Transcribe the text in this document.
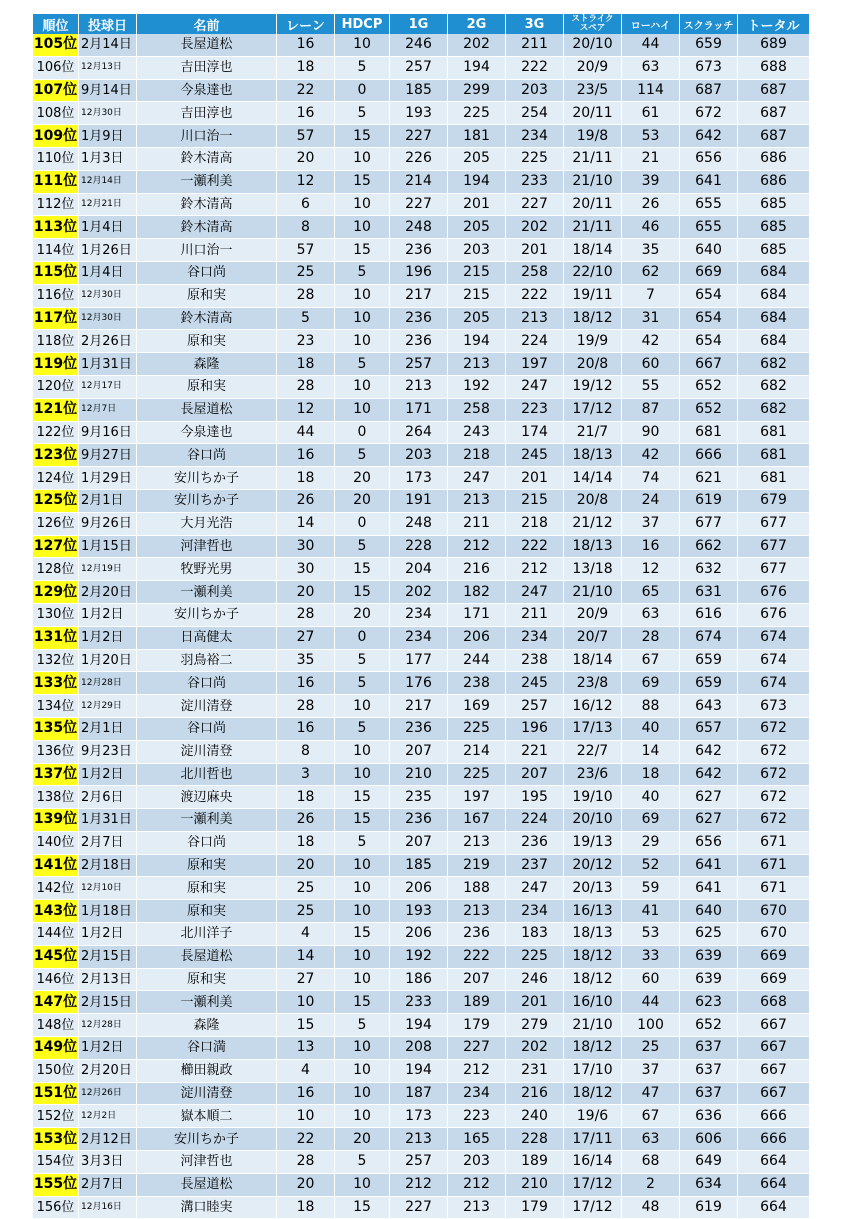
順位	投球日	名前	レーン	HDCP	1G	2G	3G	ストライク
スペア	ローハイ	スクラッチ	トータル
105位	2月14日	長屋道松	16	10	246	202	211	20/10	44	659	689
106位	12月13日	吉田淳也	18	5	257	194	222	20/9	63	673	688
107位	9月14日	今泉達也	22	0	185	299	203	23/5	114	687	687
108位	12月30日	吉田淳也	16	5	193	225	254	20/11	61	672	687
109位	1月9日	川口治一	57	15	227	181	234	19/8	53	642	687
110位	1月3日	鈴木清高	20	10	226	205	225	21/11	21	656	686
111位	12月14日	一瀬利美	12	15	214	194	233	21/10	39	641	686
112位	12月21日	鈴木清高	6	10	227	201	227	20/11	26	655	685
113位	1月4日	鈴木清高	8	10	248	205	202	21/11	46	655	685
114位	1月26日	川口治一	57	15	236	203	201	18/14	35	640	685
115位	1月4日	谷口尚	25	5	196	215	258	22/10	62	669	684
116位	12月30日	原和実	28	10	217	215	222	19/11	7	654	684
117位	12月30日	鈴木清高	5	10	236	205	213	18/12	31	654	684
118位	2月26日	原和実	23	10	236	194	224	19/9	42	654	684
119位	1月31日	森隆	18	5	257	213	197	20/8	60	667	682
120位	12月17日	原和実	28	10	213	192	247	19/12	55	652	682
121位	12月7日	長屋道松	12	10	171	258	223	17/12	87	652	682
122位	9月16日	今泉達也	44	0	264	243	174	21/7	90	681	681
123位	9月27日	谷口尚	16	5	203	218	245	18/13	42	666	681
124位	1月29日	安川ちか子	18	20	173	247	201	14/14	74	621	681
125位	2月1日	安川ちか子	26	20	191	213	215	20/8	24	619	679
126位	9月26日	大月光浩	14	0	248	211	218	21/12	37	677	677
127位	1月15日	河津哲也	30	5	228	212	222	18/13	16	662	677
128位	12月19日	牧野光男	30	15	204	216	212	13/18	12	632	677
129位	2月20日	一瀬利美	20	15	202	182	247	21/10	65	631	676
130位	1月2日	安川ちか子	28	20	234	171	211	20/9	63	616	676
131位	1月2日	日高健太	27	0	234	206	234	20/7	28	674	674
132位	1月20日	羽鳥裕二	35	5	177	244	238	18/14	67	659	674
133位	12月28日	谷口尚	16	5	176	238	245	23/8	69	659	674
134位	12月29日	淀川清登	28	10	217	169	257	16/12	88	643	673
135位	2月1日	谷口尚	16	5	236	225	196	17/13	40	657	672
136位	9月23日	淀川清登	8	10	207	214	221	22/7	14	642	672
137位	1月2日	北川哲也	3	10	210	225	207	23/6	18	642	672
138位	2月6日	渡辺麻央	18	15	235	197	195	19/10	40	627	672
139位	1月31日	一瀬利美	26	15	236	167	224	20/10	69	627	672
140位	2月7日	谷口尚	18	5	207	213	236	19/13	29	656	671
141位	2月18日	原和実	20	10	185	219	237	20/12	52	641	671
142位	12月10日	原和実	25	10	206	188	247	20/13	59	641	671
143位	1月18日	原和実	25	10	193	213	234	16/13	41	640	670
144位	1月2日	北川洋子	4	15	206	236	183	18/13	53	625	670
145位	2月15日	長屋道松	14	10	192	222	225	18/12	33	639	669
146位	2月13日	原和実	27	10	186	207	246	18/12	60	639	669
147位	2月15日	一瀬利美	10	15	233	189	201	16/10	44	623	668
148位	12月28日	森隆	15	5	194	179	279	21/10	100	652	667
149位	1月2日	谷口満	13	10	208	227	202	18/12	25	637	667
150位	2月20日	櫛田親政	4	10	194	212	231	17/10	37	637	667
151位	12月26日	淀川清登	16	10	187	234	216	18/12	47	637	667
152位	12月2日	嶽本順二	10	10	173	223	240	19/6	67	636	666
153位	2月12日	安川ちか子	22	20	213	165	228	17/11	63	606	666
154位	3月3日	河津哲也	28	5	257	203	189	16/14	68	649	664
155位	2月7日	長屋道松	20	10	212	212	210	17/12	2	634	664
156位	12月16日	溝口睦実	18	15	227	213	179	17/12	48	619	664
